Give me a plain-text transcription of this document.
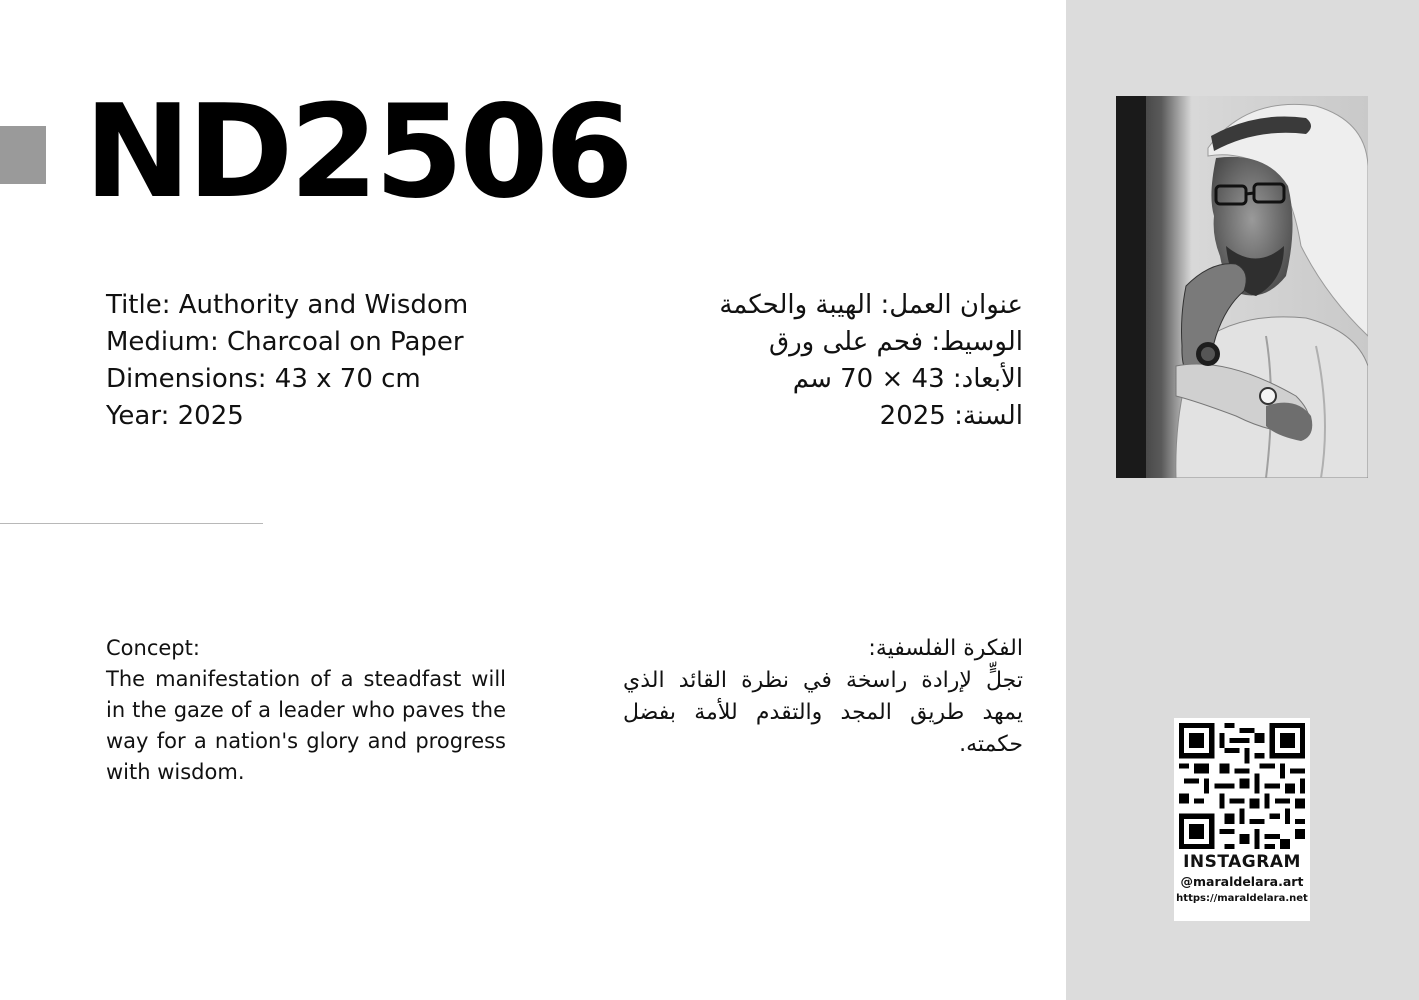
ND2506
Title: Authority and Wisdom
Medium: Charcoal on Paper
Dimensions: 43 x 70 cm
Year: 2025
عنوان العمل: الهيبة والحكمة
الوسيط: فحم على ورق
الأبعاد: 43 × 70 سم
السنة: 2025
Concept:
The manifestation of a steadfast will in the gaze of a leader who paves the way for a nation's glory and progress with wisdom.
الفكرة الفلسفية:
تجلٍّ لإرادة راسخة في نظرة القائد الذي يمهد طريق المجد والتقدم للأمة بفضل حكمته.
INSTAGRAM
@maraldelara.art
https://maraldelara.net
